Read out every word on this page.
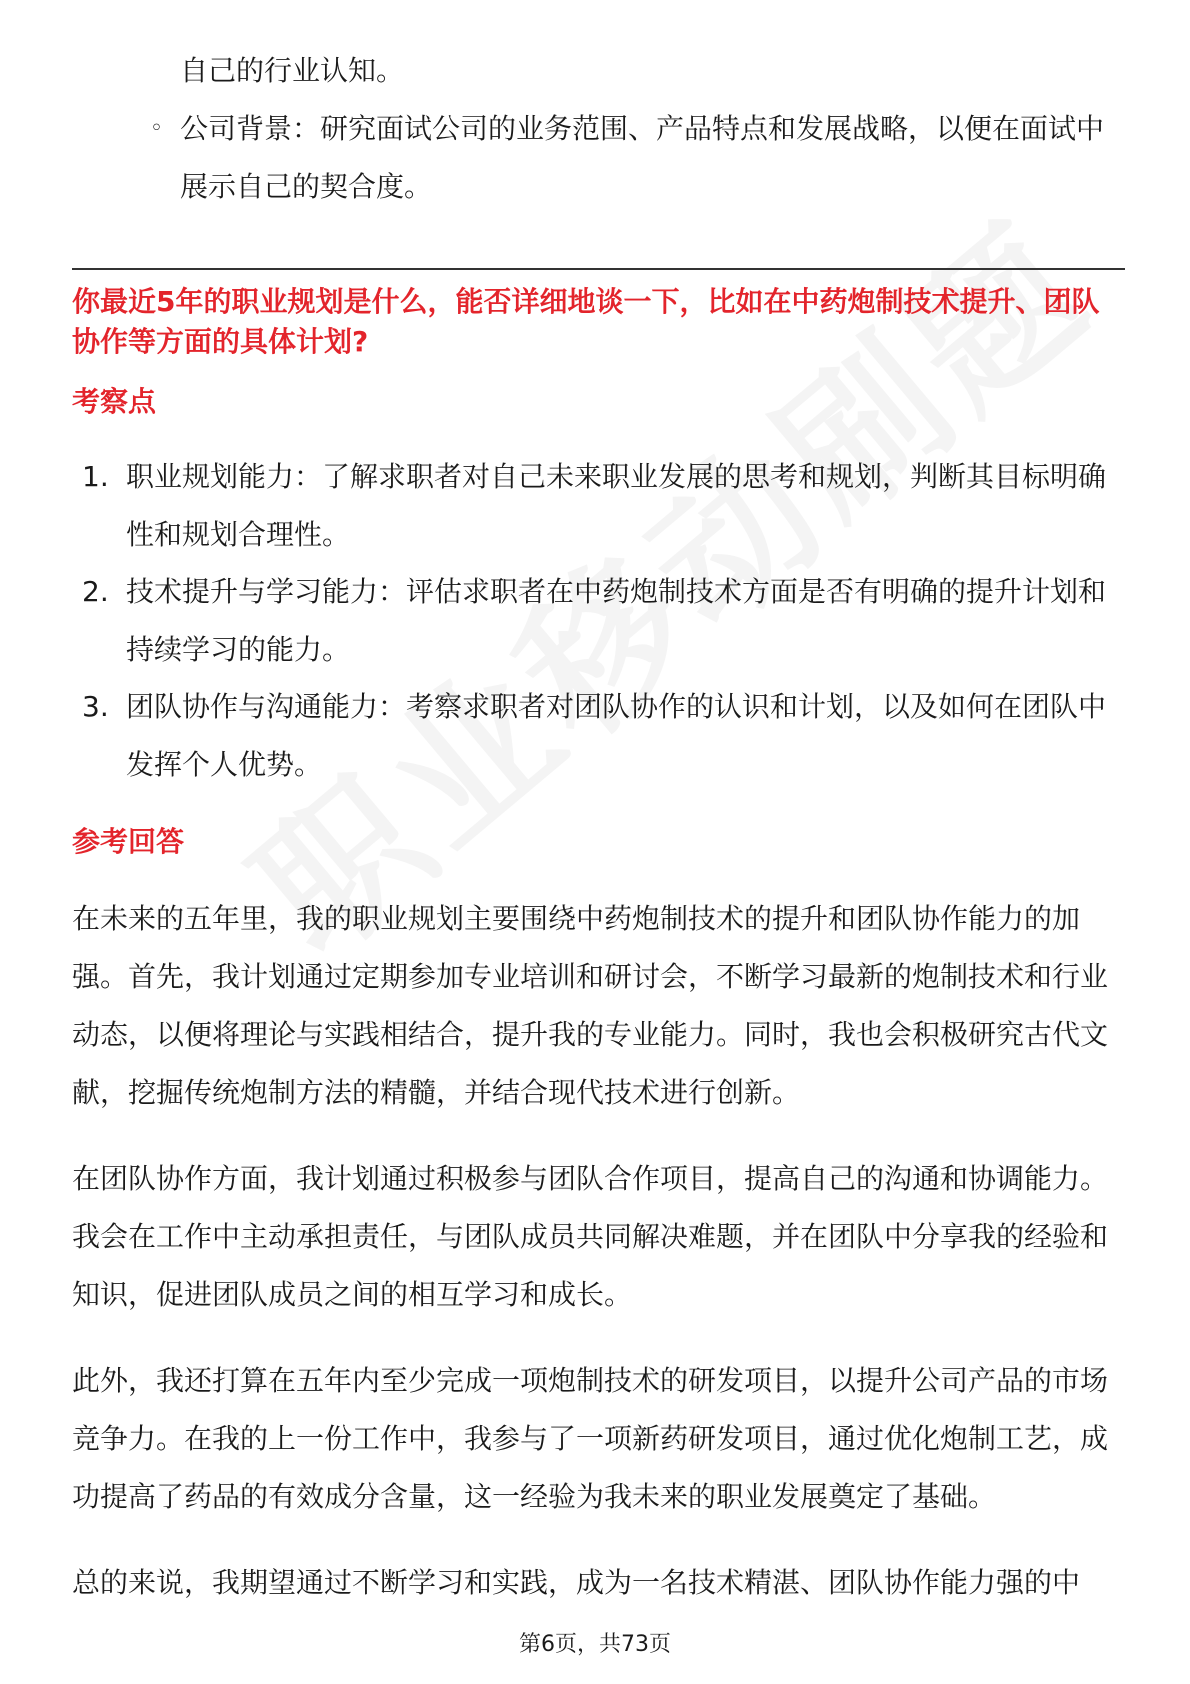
自己的行业认知。
◦ 公司背景：研究面试公司的业务范围、产品特点和发展战略，以便在面试中展示自己的契合度。
你最近5年的职业规划是什么，能否详细地谈一下，比如在中药炮制技术提升、团队协作等方面的具体计划?
考察点
1. 职业规划能力：了解求职者对自己未来职业发展的思考和规划，判断其目标明确性和规划合理性。
2. 技术提升与学习能力：评估求职者在中药炮制技术方面是否有明确的提升计划和持续学习的能力。
3. 团队协作与沟通能力：考察求职者对团队协作的认识和计划，以及如何在团队中发挥个人优势。
参考回答
在未来的五年里，我的职业规划主要围绕中药炮制技术的提升和团队协作能力的加强。首先，我计划通过定期参加专业培训和研讨会，不断学习最新的炮制技术和行业动态，以便将理论与实践相结合，提升我的专业能力。同时，我也会积极研究古代文献，挖掘传统炮制方法的精髓，并结合现代技术进行创新。
在团队协作方面，我计划通过积极参与团队合作项目，提高自己的沟通和协调能力。我会在工作中主动承担责任，与团队成员共同解决难题，并在团队中分享我的经验和知识，促进团队成员之间的相互学习和成长。
此外，我还打算在五年内至少完成一项炮制技术的研发项目，以提升公司产品的市场竞争力。在我的上一份工作中，我参与了一项新药研发项目，通过优化炮制工艺，成功提高了药品的有效成分含量，这一经验为我未来的职业发展奠定了基础。
总的来说，我期望通过不断学习和实践，成为一名技术精湛、团队协作能力强的中
第6页，共73页
